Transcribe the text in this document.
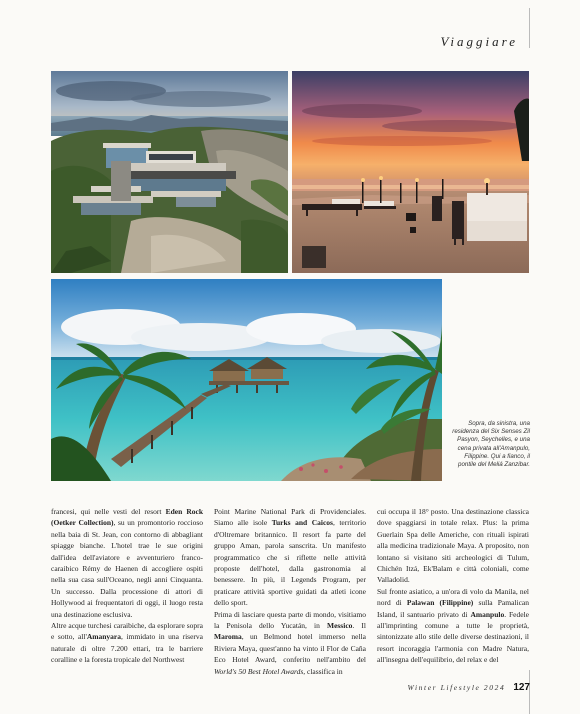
Viaggiare
Sopra, da sinistra, una residenza del Six Senses Zil Pasyon, Seychelles, e una cena privata all'Amanpulo, Filippine. Qui a fianco, il pontile del Meliá Zanzibar.

francesi, qui nelle vesti del resort Eden Rock (Oetker Collection), su un promontorio roccioso nella baia di St. Jean, con contorno di abbagliant spiagge bianche. L'hotel trae le sue origini dall'idea dell'aviatore e avventuriero franco-caraibico Rémy de Haenen di accogliere ospiti nella sua casa sull'Oceano, negli anni Cinquanta. Un successo. Dalla processione di attori di Hollywood ai frequentatori di oggi, il luogo resta una destinazione esclusiva.

Altre acque turchesi caraibiche, da esplorare sopra e sotto, all'Amanyara, immidato in una riserva naturale di oltre 7.200 ettari, tra le barriere coralline e la foresta tropicale del Northwest

Point Marine National Park di Providenciales. Siamo alle isole Turks and Caicos, territorio d'Oltremare britannico. Il resort fa parte del gruppo Aman, parola sanscrita. Un manifesto programmatico che si riflette nelle attività proposte dell'hotel, dalla gastronomia al benessere. In più, il Legends Program, per praticare attività sportive guidati da atleti icone dello sport.

Prima di lasciare questa parte di mondo, visitiamo la Penisola dello Yucatán, in Messico. Il Maroma, un Belmond hotel immerso nella Riviera Maya, quest'anno ha vinto il Flor de Caña Eco Hotel Award, conferito nell'ambito del World's 50 Best Hotel Awards, classifica in

cui occupa il 18° posto. Una destinazione classica dove spaggiarsi in totale relax. Plus: la prima Guerlain Spa delle Americhe, con rituali ispirati alla medicina tradizionale Maya. A proposito, non lontano si visitano siti archeologici di Tulum, Chichén Itzá, Ek'Balam e città coloniali, come Valladolid.

Sul fronte asiatico, a un'ora di volo da Manila, nel nord di Palawan (Filippine) sulla Pamalican Island, il santuario privato di Amanpulo. Fedele all'imprinting comune a tutte le proprietà, sintonizzate allo stile delle diverse destinazioni, il resort incoraggia l'armonia con Madre Natura, all'insegna dell'equilibrio, del relax e del

Winter Lifestyle 2024 127
